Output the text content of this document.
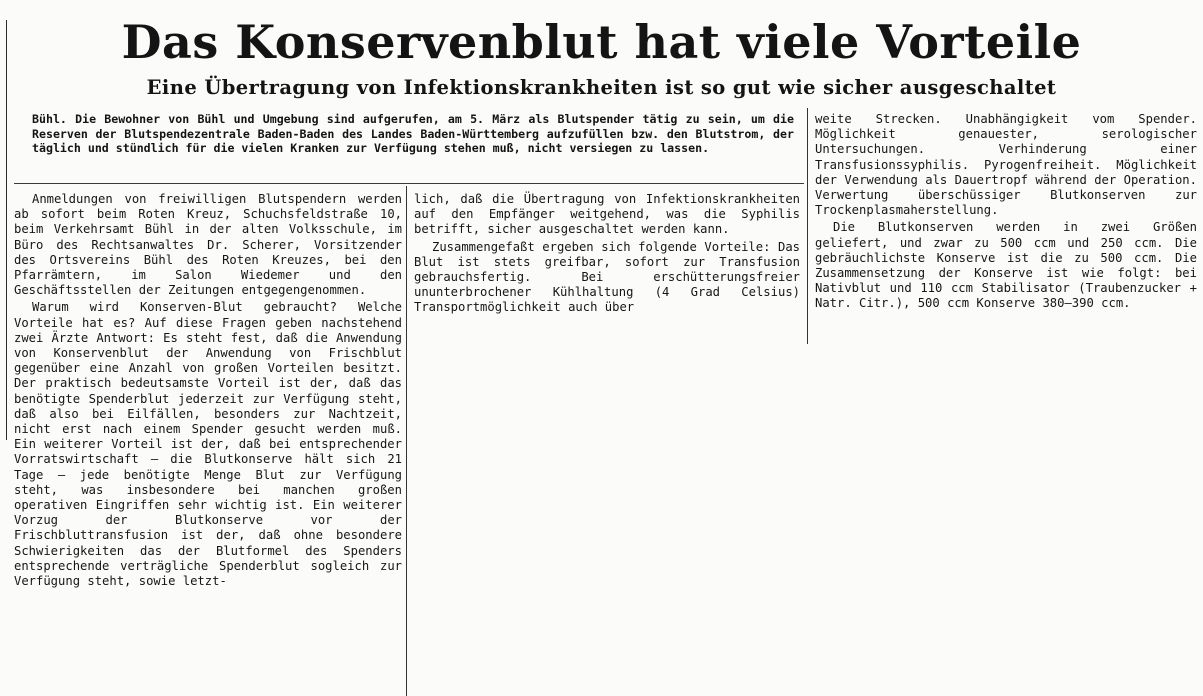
Das Konservenblut hat viele Vorteile
Eine Übertragung von Infektionskrankheiten ist so gut wie sicher ausgeschaltet

Bühl. Die Bewohner von Bühl und Umgebung sind aufgerufen, am 5. März als Blutspender tätig zu sein, um die Reserven der Blutspendezentrale Baden-Baden des Landes Baden-Württemberg aufzufüllen bzw. den Blutstrom, der täglich und stündlich für die vielen Kranken zur Verfügung stehen muß, nicht versiegen zu lassen.

Anmeldungen von freiwilligen Blutspendern werden ab sofort beim Roten Kreuz, Schuchsfeldstraße 10, beim Verkehrsamt Bühl in der alten Volksschule, im Büro des Rechtsanwaltes Dr. Scherer, Vorsitzender des Ortsvereins Bühl des Roten Kreuzes, bei den Pfarrämtern, im Salon Wiedemer und den Geschäftsstellen der Zeitungen entgegengenommen.

Warum wird Konserven-Blut gebraucht? Welche Vorteile hat es? Auf diese Fragen geben nachstehend zwei Ärzte Antwort: Es steht fest, daß die Anwendung von Konservenblut der Anwendung von Frischblut gegenüber eine Anzahl von großen Vorteilen besitzt. Der praktisch bedeutsamste Vorteil ist der, daß das benötigte Spenderblut jederzeit zur Verfügung steht, daß also bei Eilfällen, besonders zur Nachtzeit, nicht erst nach einem Spender gesucht werden muß. Ein weiterer Vorteil ist der, daß bei entsprechender Vorratswirtschaft — die Blutkonserve hält sich 21 Tage — jede benötigte Menge Blut zur Verfügung steht, was insbesondere bei manchen großen operativen Eingriffen sehr wichtig ist. Ein weiterer Vorzug der Blutkonserve vor der Frischbluttransfusion ist der, daß ohne besondere Schwierigkeiten das der Blutformel des Spenders entsprechende verträgliche Spenderblut sogleich zur Verfügung steht, sowie letzt-

lich, daß die Übertragung von Infektionskrankheiten auf den Empfänger weitgehend, was die Syphilis betrifft, sicher ausgeschaltet werden kann.

Zusammengefaßt ergeben sich folgende Vorteile: Das Blut ist stets greifbar, sofort zur Transfusion gebrauchsfertig. Bei erschütterungsfreier ununterbrochener Kühlhaltung (4 Grad Celsius) Transportmöglichkeit auch über

weite Strecken. Unabhängigkeit vom Spender. Möglichkeit genauester, serologischer Untersuchungen. Verhinderung einer Transfusionssyphilis. Pyrogenfreiheit. Möglichkeit der Verwendung als Dauertropf während der Operation. Verwertung überschüssiger Blutkonserven zur Trockenplasmaherstellung.

Die Blutkonserven werden in zwei Größen geliefert, und zwar zu 500 ccm und 250 ccm. Die gebräuchlichste Konserve ist die zu 500 ccm. Die Zusammensetzung der Konserve ist wie folgt: bei Nativblut und 110 ccm Stabilisator (Traubenzucker + Natr. Citr.), 500 ccm Konserve 380—390 ccm.
